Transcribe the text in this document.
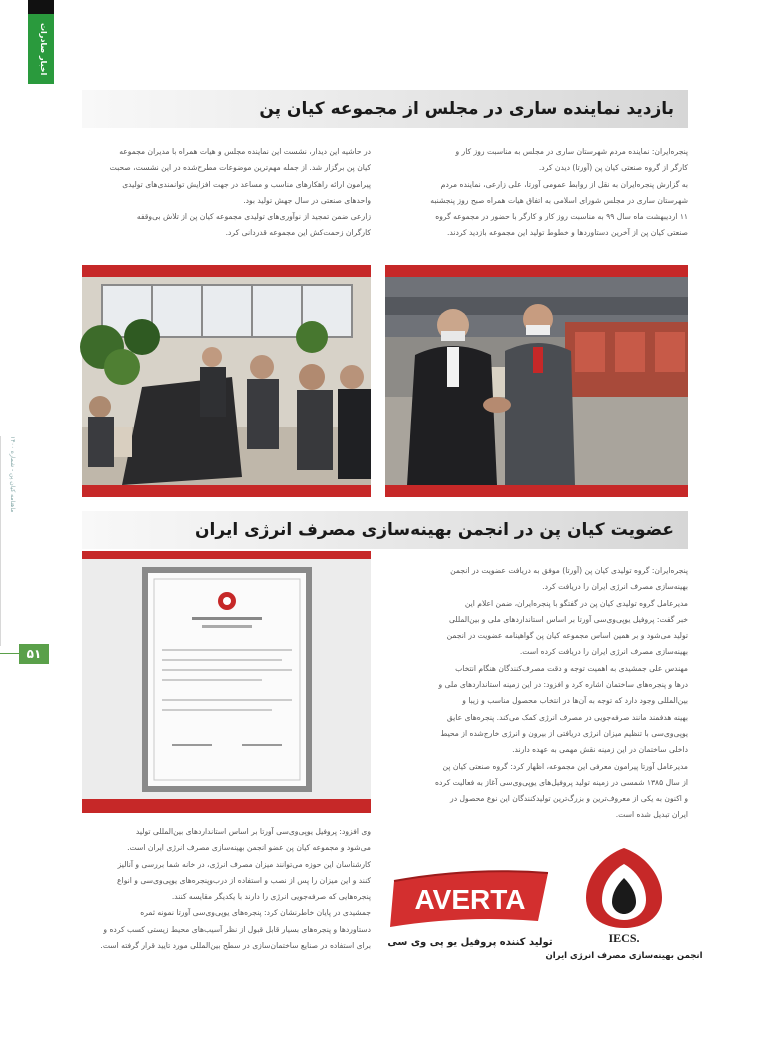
اخبار صادرات
ماهنامه کیان پن - شماره ۱۴۰۰
۵۱
بازدید نماینده ساری در مجلس از مجموعه کیان پن

پنجره‌ایران: نماینده مردم شهرستان ساری در مجلس به مناسبت روز کار و

کارگر از گروه صنعتی کیان پن (آورتا) دیدن کرد.

به گزارش پنجره‌ایران به نقل از روابط عمومی آورتا، علی زارعی، نماینده مردم

شهرستان ساری در مجلس شورای اسلامی به اتفاق هیات همراه صبح روز پنجشنبه

۱۱ اردیبهشت ماه سال ۹۹ به مناسبت روز کار و کارگر با حضور در مجموعه گروه

صنعتی کیان پن از آخرین دستاوردها و خطوط تولید این مجموعه بازدید کردند.

در حاشیه این دیدار، نشست این نماینده مجلس و هیات همراه با مدیران مجموعه

کیان پن برگزار شد. از جمله مهم‌ترین موضوعات مطرح‌شده در این نشست، صحبت

پیرامون ارائه راهکارهای مناسب و مساعد در جهت افزایش توانمندی‌های تولیدی

واحدهای صنعتی در سال جهش تولید بود.

زارعی ضمن تمجید از نوآوری‌های تولیدی مجموعه کیان پن از تلاش بی‌وقفه

کارگران زحمت‌کش این مجموعه قدردانی کرد.

عضویت کیان پن در انجمن بهینه‌سازی مصرف انرژی ایران

پنجره‌ایران: گروه تولیدی کیان پن (آورتا) موفق به دریافت عضویت در انجمن

بهینه‌سازی مصرف انرژی ایران را دریافت کرد.

مدیرعامل گروه تولیدی کیان پن در گفتگو با پنجره‌ایران، ضمن اعلام این

خبر گفت: پروفیل یوپی‌وی‌سی آورتا بر اساس استانداردهای ملی و بین‌المللی

تولید می‌شود و بر همین اساس مجموعه کیان پن گواهینامه عضویت در انجمن

بهینه‌سازی مصرف انرژی ایران را دریافت کرده است.

مهندس علی جمشیدی به اهمیت توجه و دقت مصرف‌کنندگان هنگام انتخاب

درها و پنجره‌های ساختمان اشاره کرد و افزود: در این زمینه استانداردهای ملی و

بین‌المللی وجود دارد که توجه به آن‌ها در انتخاب محصول مناسب و زیبا و

بهینه هدفمند مانند صرفه‌جویی در مصرف انرژی کمک می‌کند. پنجره‌های عایق

یوپی‌وی‌سی با تنظیم میزان انرژی دریافتی از بیرون و انرژی خارج‌شده از محیط

داخلی ساختمان در این زمینه نقش مهمی به عهده دارند.

مدیرعامل آورتا پیرامون معرفی این مجموعه، اظهار کرد: گروه صنعتی کیان پن

از سال ۱۳۸۵ شمسی در زمینه تولید پروفیل‌های یوپی‌وی‌سی آغاز به فعالیت کرده

و اکنون به یکی از معروف‌ترین و بزرگ‌ترین تولیدکنندگان این نوع محصول در

ایران تبدیل شده است.

وی افزود: پروفیل یوپی‌وی‌سی آورتا بر اساس استانداردهای بین‌المللی تولید

می‌شود و مجموعه کیان پن عضو انجمن بهینه‌سازی مصرف انرژی ایران است.

کارشناسان این حوزه می‌توانند میزان مصرف انرژی، در خانه شما بررسی و آنالیز

کنند و این میزان را پس از نصب و استفاده از درب‌وپنجره‌های یوپی‌وی‌سی و انواع

پنجره‌هایی که صرفه‌جویی انرژی را دارند با یکدیگر مقایسه کنند.

جمشیدی در پایان خاطرنشان کرد: پنجره‌های یوپی‌وی‌سی آورتا نمونه ثمره

دستاوردها و پنجره‌های بسیار قابل قبول از نظر آسیب‌های محیط زیستی کسب کرده و

برای استفاده در صنایع ساختمان‌سازی در سطح بین‌المللی مورد تایید قرار گرفته است.

AVERTA
تولید کننده پروفیل یو پی وی سی	IECS.
انجمن بهینه‌سازی مصرف انرژی ایران
